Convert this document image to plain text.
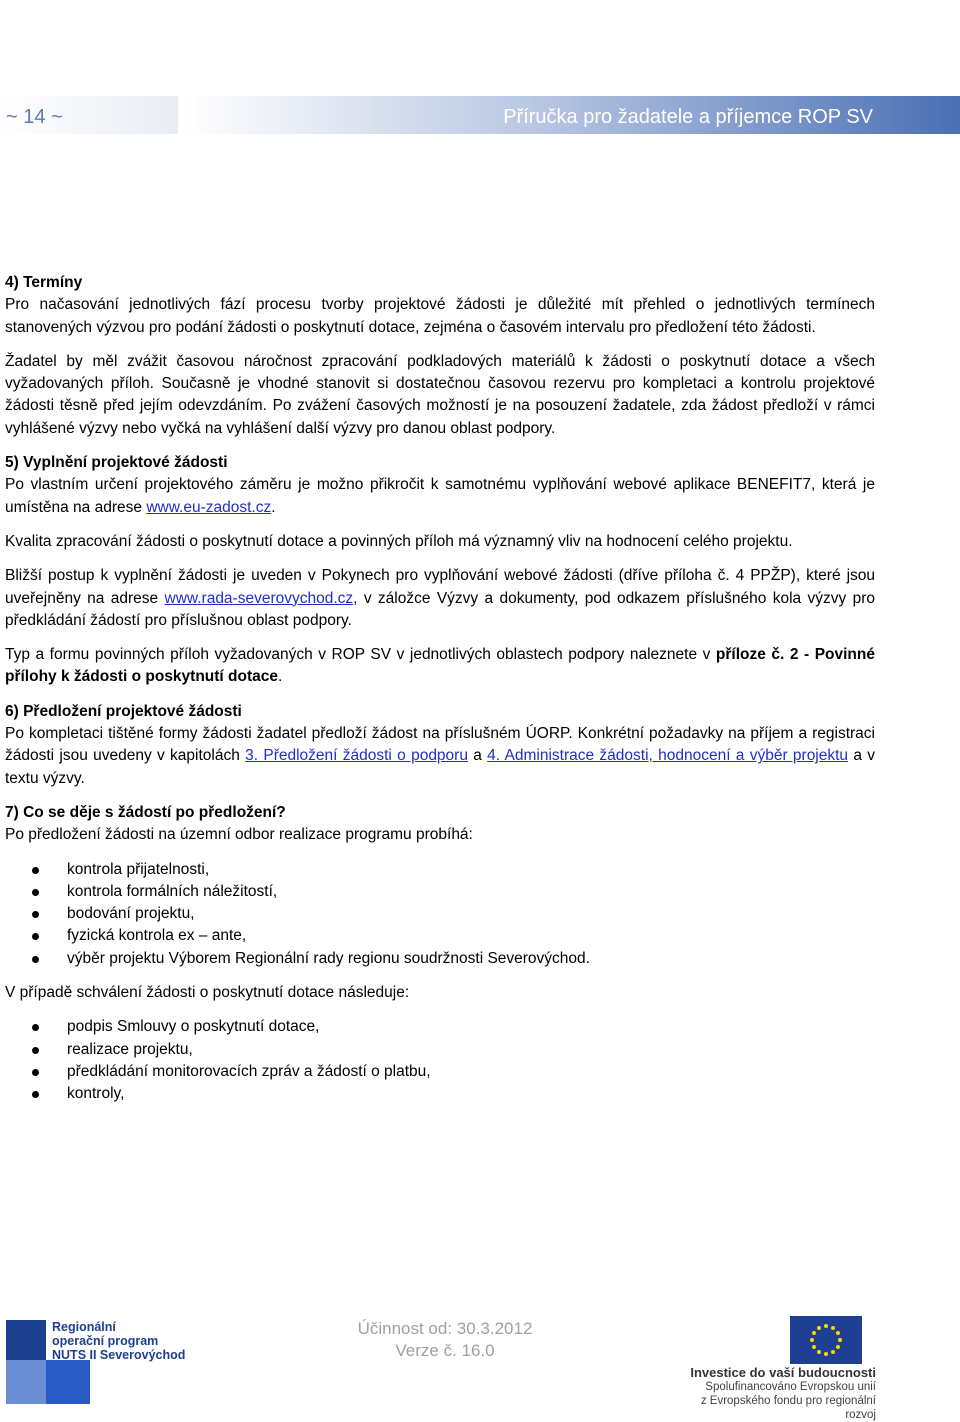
~ 14 ~	Příručka pro žadatele a příjemce ROP SV

4) Termíny

Pro načasování jednotlivých fází procesu tvorby projektové žádosti je důležité mít přehled o jednotlivých termínech stanovených výzvou pro podání žádosti o poskytnutí dotace, zejména o časovém intervalu pro předložení této žádosti.

Žadatel by měl zvážit časovou náročnost zpracování podkladových materiálů k žádosti o poskytnutí dotace a všech vyžadovaných příloh. Současně je vhodné stanovit si dostatečnou časovou rezervu pro kompletaci a kontrolu projektové žádosti těsně před jejím odevzdáním. Po zvážení časových možností je na posouzení žadatele, zda žádost předloží v rámci vyhlášené výzvy nebo vyčká na vyhlášení další výzvy pro danou oblast podpory.

5) Vyplnění projektové žádosti

Po vlastním určení projektového záměru je možno přikročit k samotnému vyplňování webové aplikace BENEFIT7, která je umístěna na adrese www.eu-zadost.cz.

Kvalita zpracování žádosti o poskytnutí dotace a povinných příloh má významný vliv na hodnocení celého projektu.

Bližší postup k vyplnění žádosti je uveden v Pokynech pro vyplňování webové žádosti (dříve příloha č. 4 PPŽP), které jsou uveřejněny na adrese www.rada-severovychod.cz, v záložce Výzvy a dokumenty, pod odkazem příslušného kola výzvy pro předkládání žádostí pro příslušnou oblast podpory.

Typ a formu povinných příloh vyžadovaných v ROP SV v jednotlivých oblastech podpory naleznete v příloze č. 2 - Povinné přílohy k žádosti o poskytnutí dotace.

6) Předložení projektové žádosti

Po kompletaci tištěné formy žádosti žadatel předloží žádost na příslušném ÚORP. Konkrétní požadavky na příjem a registraci žádosti jsou uvedeny v kapitolách 3. Předložení žádosti o podporu a 4. Administrace žádosti, hodnocení a výběr projektu a v textu výzvy.

7) Co se děje s žádostí po předložení?

Po předložení žádosti na územní odbor realizace programu probíhá:

kontrola přijatelnosti,
kontrola formálních náležitostí,
bodování projektu,
fyzická kontrola ex – ante,
výběr projektu Výborem Regionální rady regionu soudržnosti Severovýchod.

V případě schválení žádosti o poskytnutí dotace následuje:

podpis Smlouvy o poskytnutí dotace,
realizace projektu,
předkládání monitorovacích zpráv a žádostí o platbu,
kontroly,
Regionální
operační program
NUTS II Severovýchod
Účinnost od: 30.3.2012
Verze č. 16.0
Investice do vaší budoucnosti
Spolufinancováno Evropskou unií
z Evropského fondu pro regionální rozvoj
